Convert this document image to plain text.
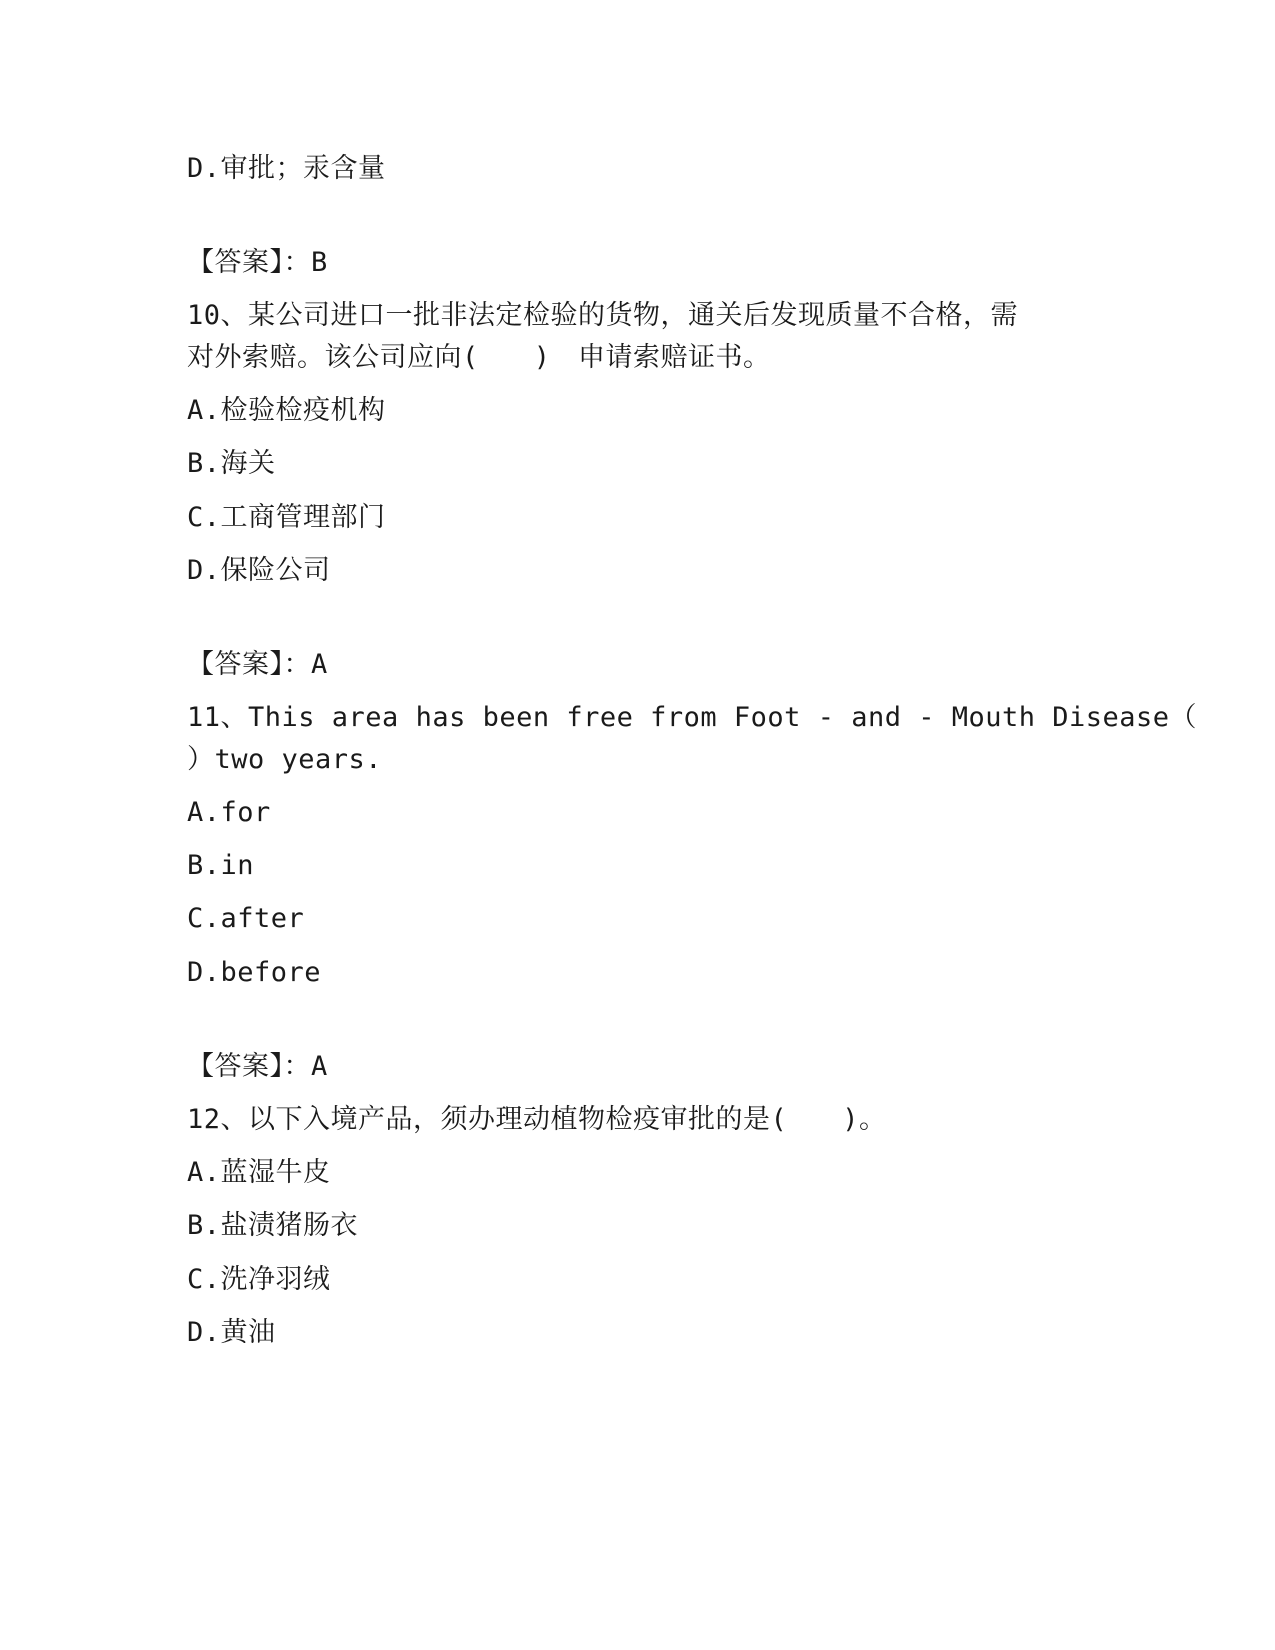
D.审批；汞含量
【答案】：B
10、某公司进口一批非法定检验的货物，通关后发现质量不合格，需
对外索赔。该公司应向(　　)　申请索赔证书。
A.检验检疫机构
B.海关
C.工商管理部门
D.保险公司
【答案】：A
11、This area has been free from Foot - and - Mouth Disease（
）two years.
A.for
B.in
C.after
D.before
【答案】：A
12、以下入境产品，须办理动植物检疫审批的是(　　)。
A.蓝湿牛皮
B.盐渍猪肠衣
C.洗净羽绒
D.黄油
